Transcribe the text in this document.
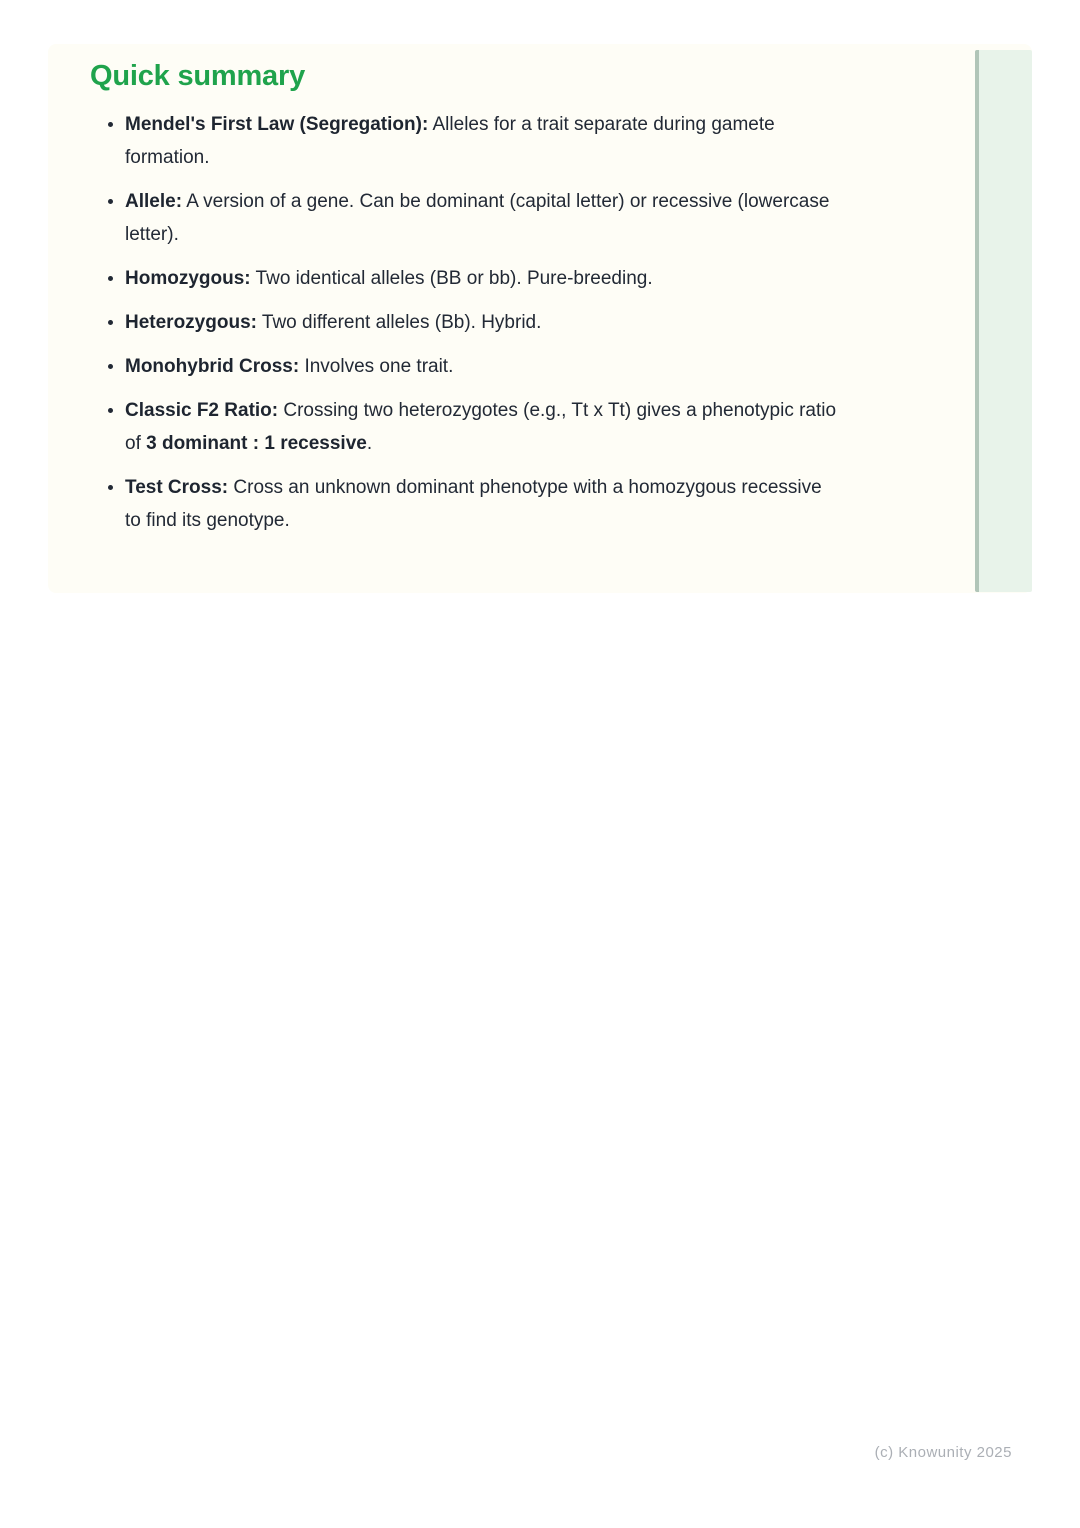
Quick summary
• Mendel's First Law (Segregation): Alleles for a trait separate during gamete formation.
• Allele: A version of a gene. Can be dominant (capital letter) or recessive (lowercase letter).
• Homozygous: Two identical alleles (BB or bb). Pure-breeding.
• Heterozygous: Two different alleles (Bb). Hybrid.
• Monohybrid Cross: Involves one trait.
• Classic F2 Ratio: Crossing two heterozygotes (e.g., Tt x Tt) gives a phenotypic ratio of 3 dominant : 1 recessive.
• Test Cross: Cross an unknown dominant phenotype with a homozygous recessive to find its genotype.
(c) Knowunity 2025
